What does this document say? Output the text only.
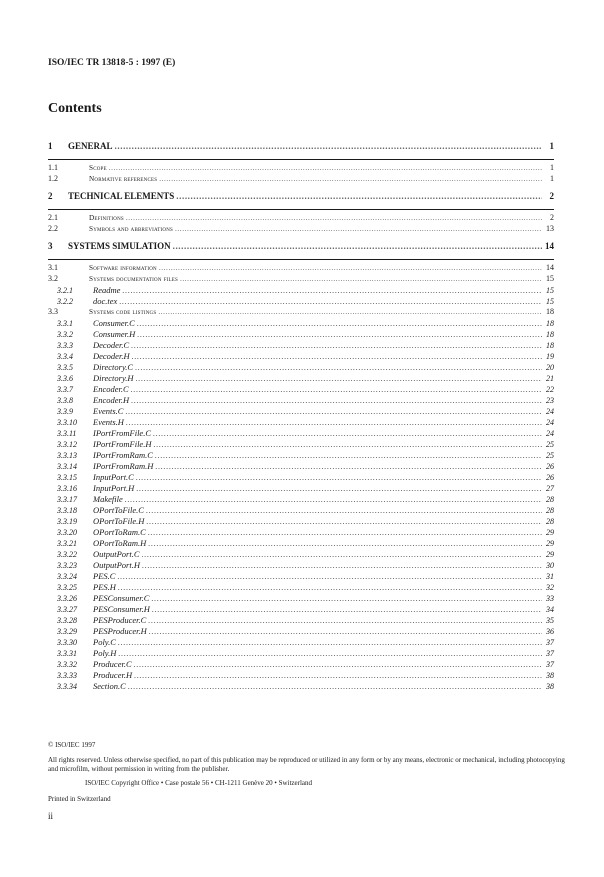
ISO/IEC TR 13818-5 : 1997 (E)
Contents
1	GENERAL .....	1
1.1	Scope .....	1
1.2	Normative references .....	1
2	TECHNICAL ELEMENTS .....	2
2.1	Definitions .....	2
2.2	Symbols and abbreviations .....	13
3	SYSTEMS SIMULATION .....	14
3.1	Software information .....	14
3.2	Systems documentation files .....	15
3.2.1	Readme .....	15
3.2.2	doc.tex .....	15
3.3	Systems code listings .....	18
3.3.1	Consumer.C .....	18
3.3.2	Consumer.H .....	18
3.3.3	Decoder.C .....	18
3.3.4	Decoder.H .....	19
3.3.5	Directory.C .....	20
3.3.6	Directory.H .....	21
3.3.7	Encoder.C .....	22
3.3.8	Encoder.H .....	23
3.3.9	Events.C .....	24
3.3.10	Events.H .....	24
3.3.11	IPortFromFile.C .....	24
3.3.12	IPortFromFile.H .....	25
3.3.13	IPortFromRam.C .....	25
3.3.14	IPortFromRam.H .....	26
3.3.15	InputPort.C .....	26
3.3.16	InputPort.H .....	27
3.3.17	Makefile .....	28
3.3.18	OPortToFile.C .....	28
3.3.19	OPortToFile.H .....	28
3.3.20	OPortToRam.C .....	29
3.3.21	OPortToRam.H .....	29
3.3.22	OutputPort.C .....	29
3.3.23	OutputPort.H .....	30
3.3.24	PES.C .....	31
3.3.25	PES.H .....	32
3.3.26	PESConsumer.C .....	33
3.3.27	PESConsumer.H .....	34
3.3.28	PESProducer.C .....	35
3.3.29	PESProducer.H .....	36
3.3.30	Poly.C .....	37
3.3.31	Poly.H .....	37
3.3.32	Producer.C .....	37
3.3.33	Producer.H .....	38
3.3.34	Section.C .....	38
© ISO/IEC 1997
All rights reserved. Unless otherwise specified, no part of this publication may be reproduced or utilized in any form or by any means, electronic or mechanical, including photocopying and microfilm, without permission in writing from the publisher.
ISO/IEC Copyright Office • Case postale 56 • CH-1211 Genève 20 • Switzerland
Printed in Switzerland
ii
